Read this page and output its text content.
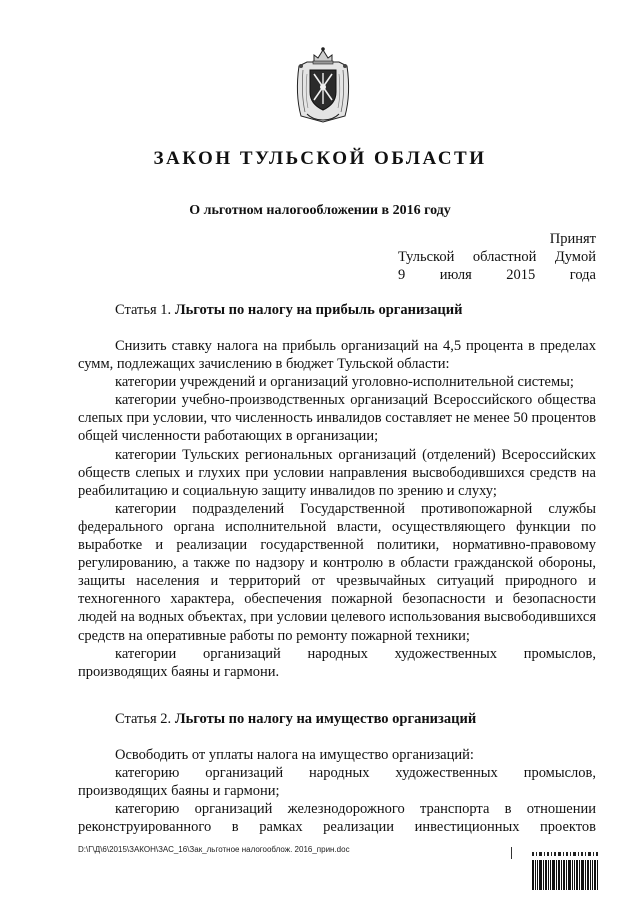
ЗАКОН ТУЛЬСКОЙ ОБЛАСТИ
О льготном налогообложении в 2016 году
Принят
Тульской областной Думой
9 июля 2015 года
Статья 1. Льготы по налогу на прибыль организаций

Снизить ставку налога на прибыль организаций на 4,5 процента в пределах сумм, подлежащих зачислению в бюджет Тульской области:

категории учреждений и организаций уголовно-исполнительной системы;

категории учебно-производственных организаций Всероссийского общества слепых при условии, что численность инвалидов составляет не менее 50 процентов общей численности работающих в организации;

категории Тульских региональных организаций (отделений) Всероссийских обществ слепых и глухих при условии направления высвободившихся средств на реабилитацию и социальную защиту инвалидов по зрению и слуху;

категории подразделений Государственной противопожарной службы федерального органа исполнительной власти, осуществляющего функции по выработке и реализации государственной политики, нормативно-правовому регулированию, а также по надзору и контролю в области гражданской обороны, защиты населения и территорий от чрезвычайных ситуаций природного и техногенного характера, обеспечения пожарной безопасности и безопасности людей на водных объектах, при условии целевого использования высвободившихся средств на оперативные работы по ремонту пожарной техники;

категории организаций народных художественных промыслов, производящих баяны и гармони.

Статья 2. Льготы по налогу на имущество организаций

Освободить от уплаты налога на имущество организаций:

категорию организаций народных художественных промыслов, производящих баяны и гармони;

категорию организаций железнодорожного транспорта в отношении реконструированного в рамках реализации инвестиционных проектов

D:\Г\Д\6\2015\ЗАКОН\ЗАС_16\Зак_льготное налогооблож. 2016_прин.doc
